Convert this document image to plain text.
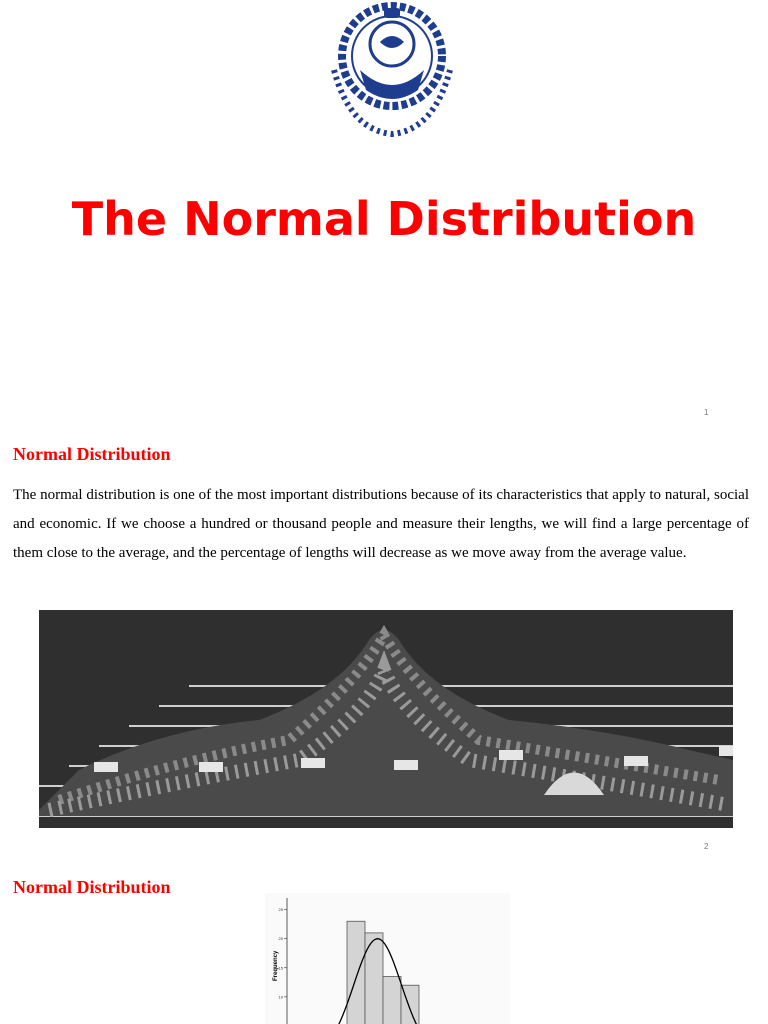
The Normal Distribution
1
Normal Distribution

The normal distribution is one of the most important distributions because of its characteristics that apply to natural, social and economic. If we choose a hundred or thousand people and measure their lengths, we will find a large percentage of them close to the average, and the percentage of lengths will decrease as we move away from the average value.

2
Normal Distribution
Frequency
25
20
15
10
